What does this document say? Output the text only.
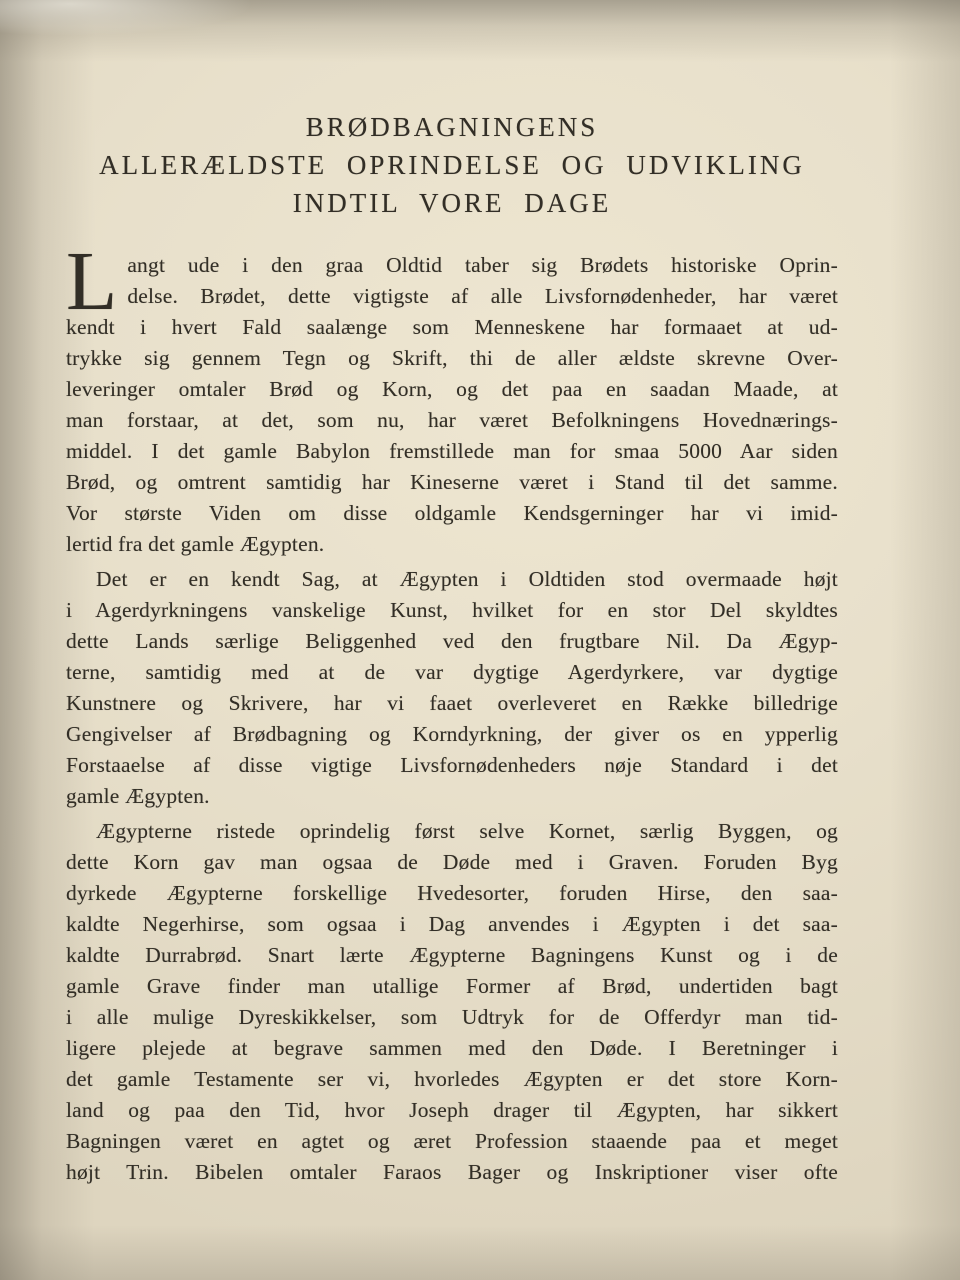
BRØDBAGNINGENS
ALLERÆLDSTE OPRINDELSE OG UDVIKLING
INDTIL VORE DAGE
L angt ude i den graa Oldtid taber sig Brødets historiske Oprin-
delse. Brødet, dette vigtigste af alle Livsfornødenheder, har været
kendt i hvert Fald saalænge som Menneskene har formaaet at ud-
trykke sig gennem Tegn og Skrift, thi de aller ældste skrevne Over-
leveringer omtaler Brød og Korn, og det paa en saadan Maade, at
man forstaar, at det, som nu, har været Befolkningens Hovednærings-
middel. I det gamle Babylon fremstillede man for smaa 5000 Aar siden
Brød, og omtrent samtidig har Kineserne været i Stand til det samme.
Vor største Viden om disse oldgamle Kendsgerninger har vi imid-
lertid fra det gamle Ægypten.
Det er en kendt Sag, at Ægypten i Oldtiden stod overmaade højt
i Agerdyrkningens vanskelige Kunst, hvilket for en stor Del skyldtes
dette Lands særlige Beliggenhed ved den frugtbare Nil. Da Ægyp-
terne, samtidig med at de var dygtige Agerdyrkere, var dygtige
Kunstnere og Skrivere, har vi faaet overleveret en Række billedrige
Gengivelser af Brødbagning og Korndyrkning, der giver os en ypperlig
Forstaaelse af disse vigtige Livsfornødenheders nøje Standard i det
gamle Ægypten.
Ægypterne ristede oprindelig først selve Kornet, særlig Byggen, og
dette Korn gav man ogsaa de Døde med i Graven. Foruden Byg
dyrkede Ægypterne forskellige Hvedesorter, foruden Hirse, den saa-
kaldte Negerhirse, som ogsaa i Dag anvendes i Ægypten i det saa-
kaldte Durrabrød. Snart lærte Ægypterne Bagningens Kunst og i de
gamle Grave finder man utallige Former af Brød, undertiden bagt
i alle mulige Dyreskikkelser, som Udtryk for de Offerdyr man tid-
ligere plejede at begrave sammen med den Døde. I Beretninger i
det gamle Testamente ser vi, hvorledes Ægypten er det store Korn-
land og paa den Tid, hvor Joseph drager til Ægypten, har sikkert
Bagningen været en agtet og æret Profession staaende paa et meget
højt Trin. Bibelen omtaler Faraos Bager og Inskriptioner viser ofte
